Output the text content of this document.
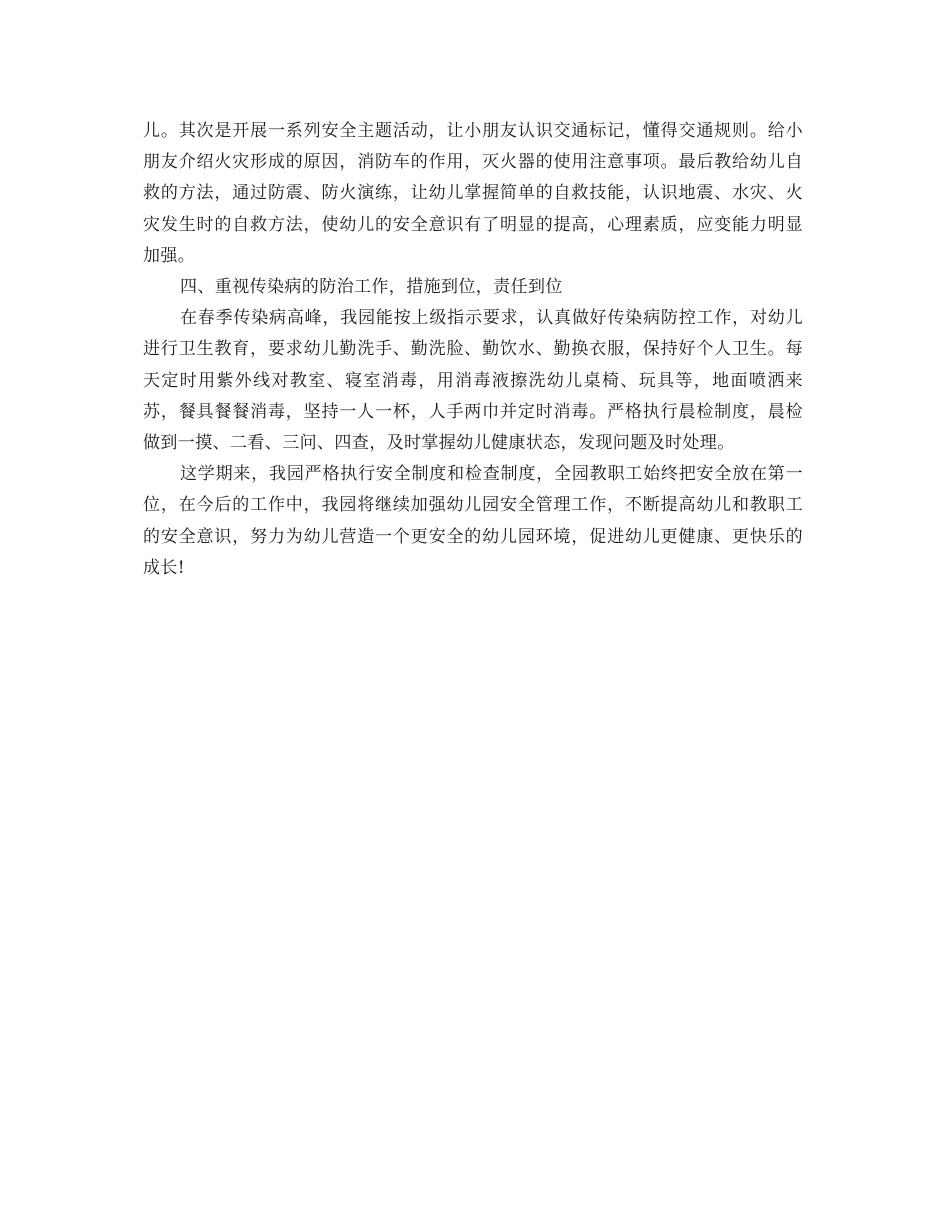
儿。其次是开展一系列安全主题活动，让小朋友认识交通标记，懂得交通规则。给小朋友介绍火灾形成的原因，消防车的作用，灭火器的使用注意事项。最后教给幼儿自救的方法，通过防震、防火演练，让幼儿掌握简单的自救技能，认识地震、水灾、火灾发生时的自救方法，使幼儿的安全意识有了明显的提高，心理素质，应变能力明显加强。

四、重视传染病的防治工作，措施到位，责任到位

在春季传染病高峰，我园能按上级指示要求，认真做好传染病防控工作，对幼儿进行卫生教育，要求幼儿勤洗手、勤洗脸、勤饮水、勤换衣服，保持好个人卫生。每天定时用紫外线对教室、寝室消毒，用消毒液擦洗幼儿桌椅、玩具等，地面喷洒来苏，餐具餐餐消毒，坚持一人一杯，人手两巾并定时消毒。严格执行晨检制度，晨检做到一摸、二看、三问、四查，及时掌握幼儿健康状态，发现问题及时处理。

这学期来，我园严格执行安全制度和检查制度，全园教职工始终把安全放在第一位，在今后的工作中，我园将继续加强幼儿园安全管理工作，不断提高幼儿和教职工的安全意识，努力为幼儿营造一个更安全的幼儿园环境，促进幼儿更健康、更快乐的成长!
